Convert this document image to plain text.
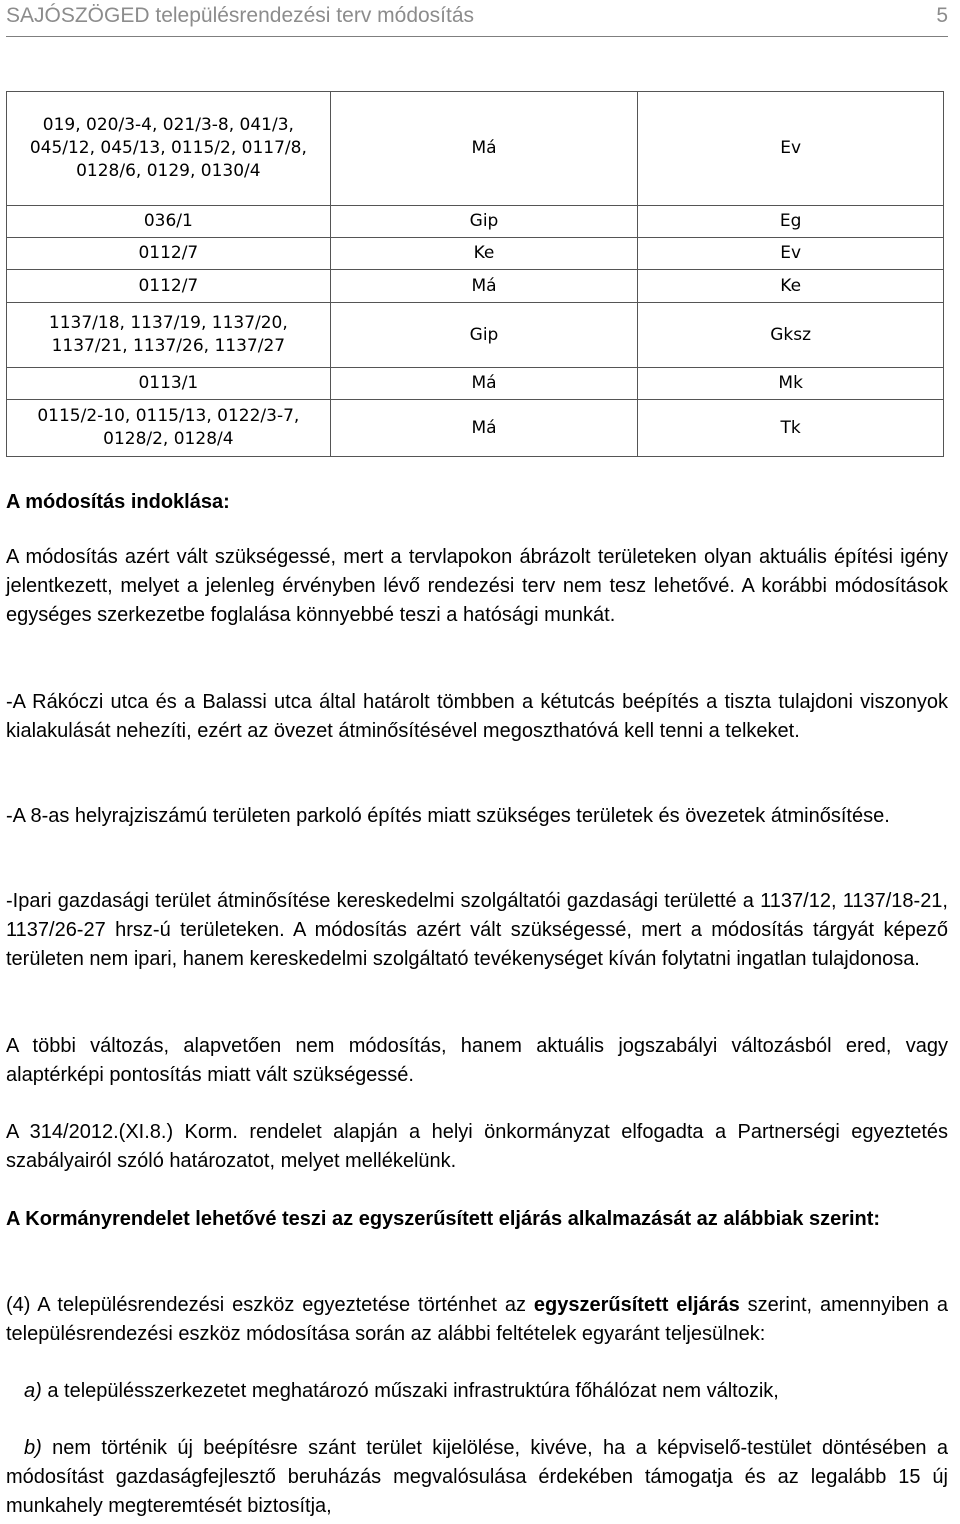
SAJÓSZÖGED településrendezési terv módosítás	5
019, 020/3-4, 021/3-8, 041/3,
045/12, 045/13, 0115/2, 0117/8,
0128/6, 0129, 0130/4	Má	Ev
036/1	Gip	Eg
0112/7	Ke	Ev
0112/7	Má	Ke
1137/18, 1137/19, 1137/20,
1137/21, 1137/26, 1137/27	Gip	Gksz
0113/1	Má	Mk
0115/2-10, 0115/13, 0122/3-7,
0128/2, 0128/4	Má	Tk
A módosítás indoklása:

A módosítás azért vált szükségessé, mert a tervlapokon ábrázolt területeken olyan aktuális építési igény jelentkezett, melyet a jelenleg érvényben lévő rendezési terv nem tesz lehetővé. A korábbi módosítások egységes szerkezetbe foglalása könnyebbé teszi a hatósági munkát.

-A Rákóczi utca és a Balassi utca által határolt tömbben a kétutcás beépítés a tiszta tulajdoni viszonyok kialakulását nehezíti, ezért az övezet átminősítésével megoszthatóvá kell tenni a telkeket.

-A 8-as helyrajziszámú területen parkoló építés miatt szükséges területek és övezetek átminősítése.

-Ipari gazdasági terület átminősítése kereskedelmi szolgáltatói gazdasági területté a 1137/12, 1137/18-21, 1137/26-27 hrsz-ú területeken. A módosítás azért vált szükségessé, mert a módosítás tárgyát képező területen nem ipari, hanem kereskedelmi szolgáltató tevékenységet kíván folytatni ingatlan tulajdonosa.

A többi változás, alapvetően nem módosítás, hanem aktuális jogszabályi változásból ered, vagy alaptérképi pontosítás miatt vált szükségessé.

A 314/2012.(XI.8.) Korm. rendelet alapján a helyi önkormányzat elfogadta a Partnerségi egyeztetés szabályairól szóló határozatot, melyet mellékelünk.

A Kormányrendelet lehetővé teszi az egyszerűsített eljárás alkalmazását az alábbiak szerint:

(4) A településrendezési eszköz egyeztetése történhet az egyszerűsített eljárás szerint, amennyiben a településrendezési eszköz módosítása során az alábbi feltételek egyaránt teljesülnek:

a) a településszerkezetet meghatározó műszaki infrastruktúra főhálózat nem változik,

b) nem történik új beépítésre szánt terület kijelölése, kivéve, ha a képviselő-testület döntésében a módosítást gazdaságfejlesztő beruházás megvalósulása érdekében támogatja és az legalább 15 új munkahely megteremtését biztosítja,
